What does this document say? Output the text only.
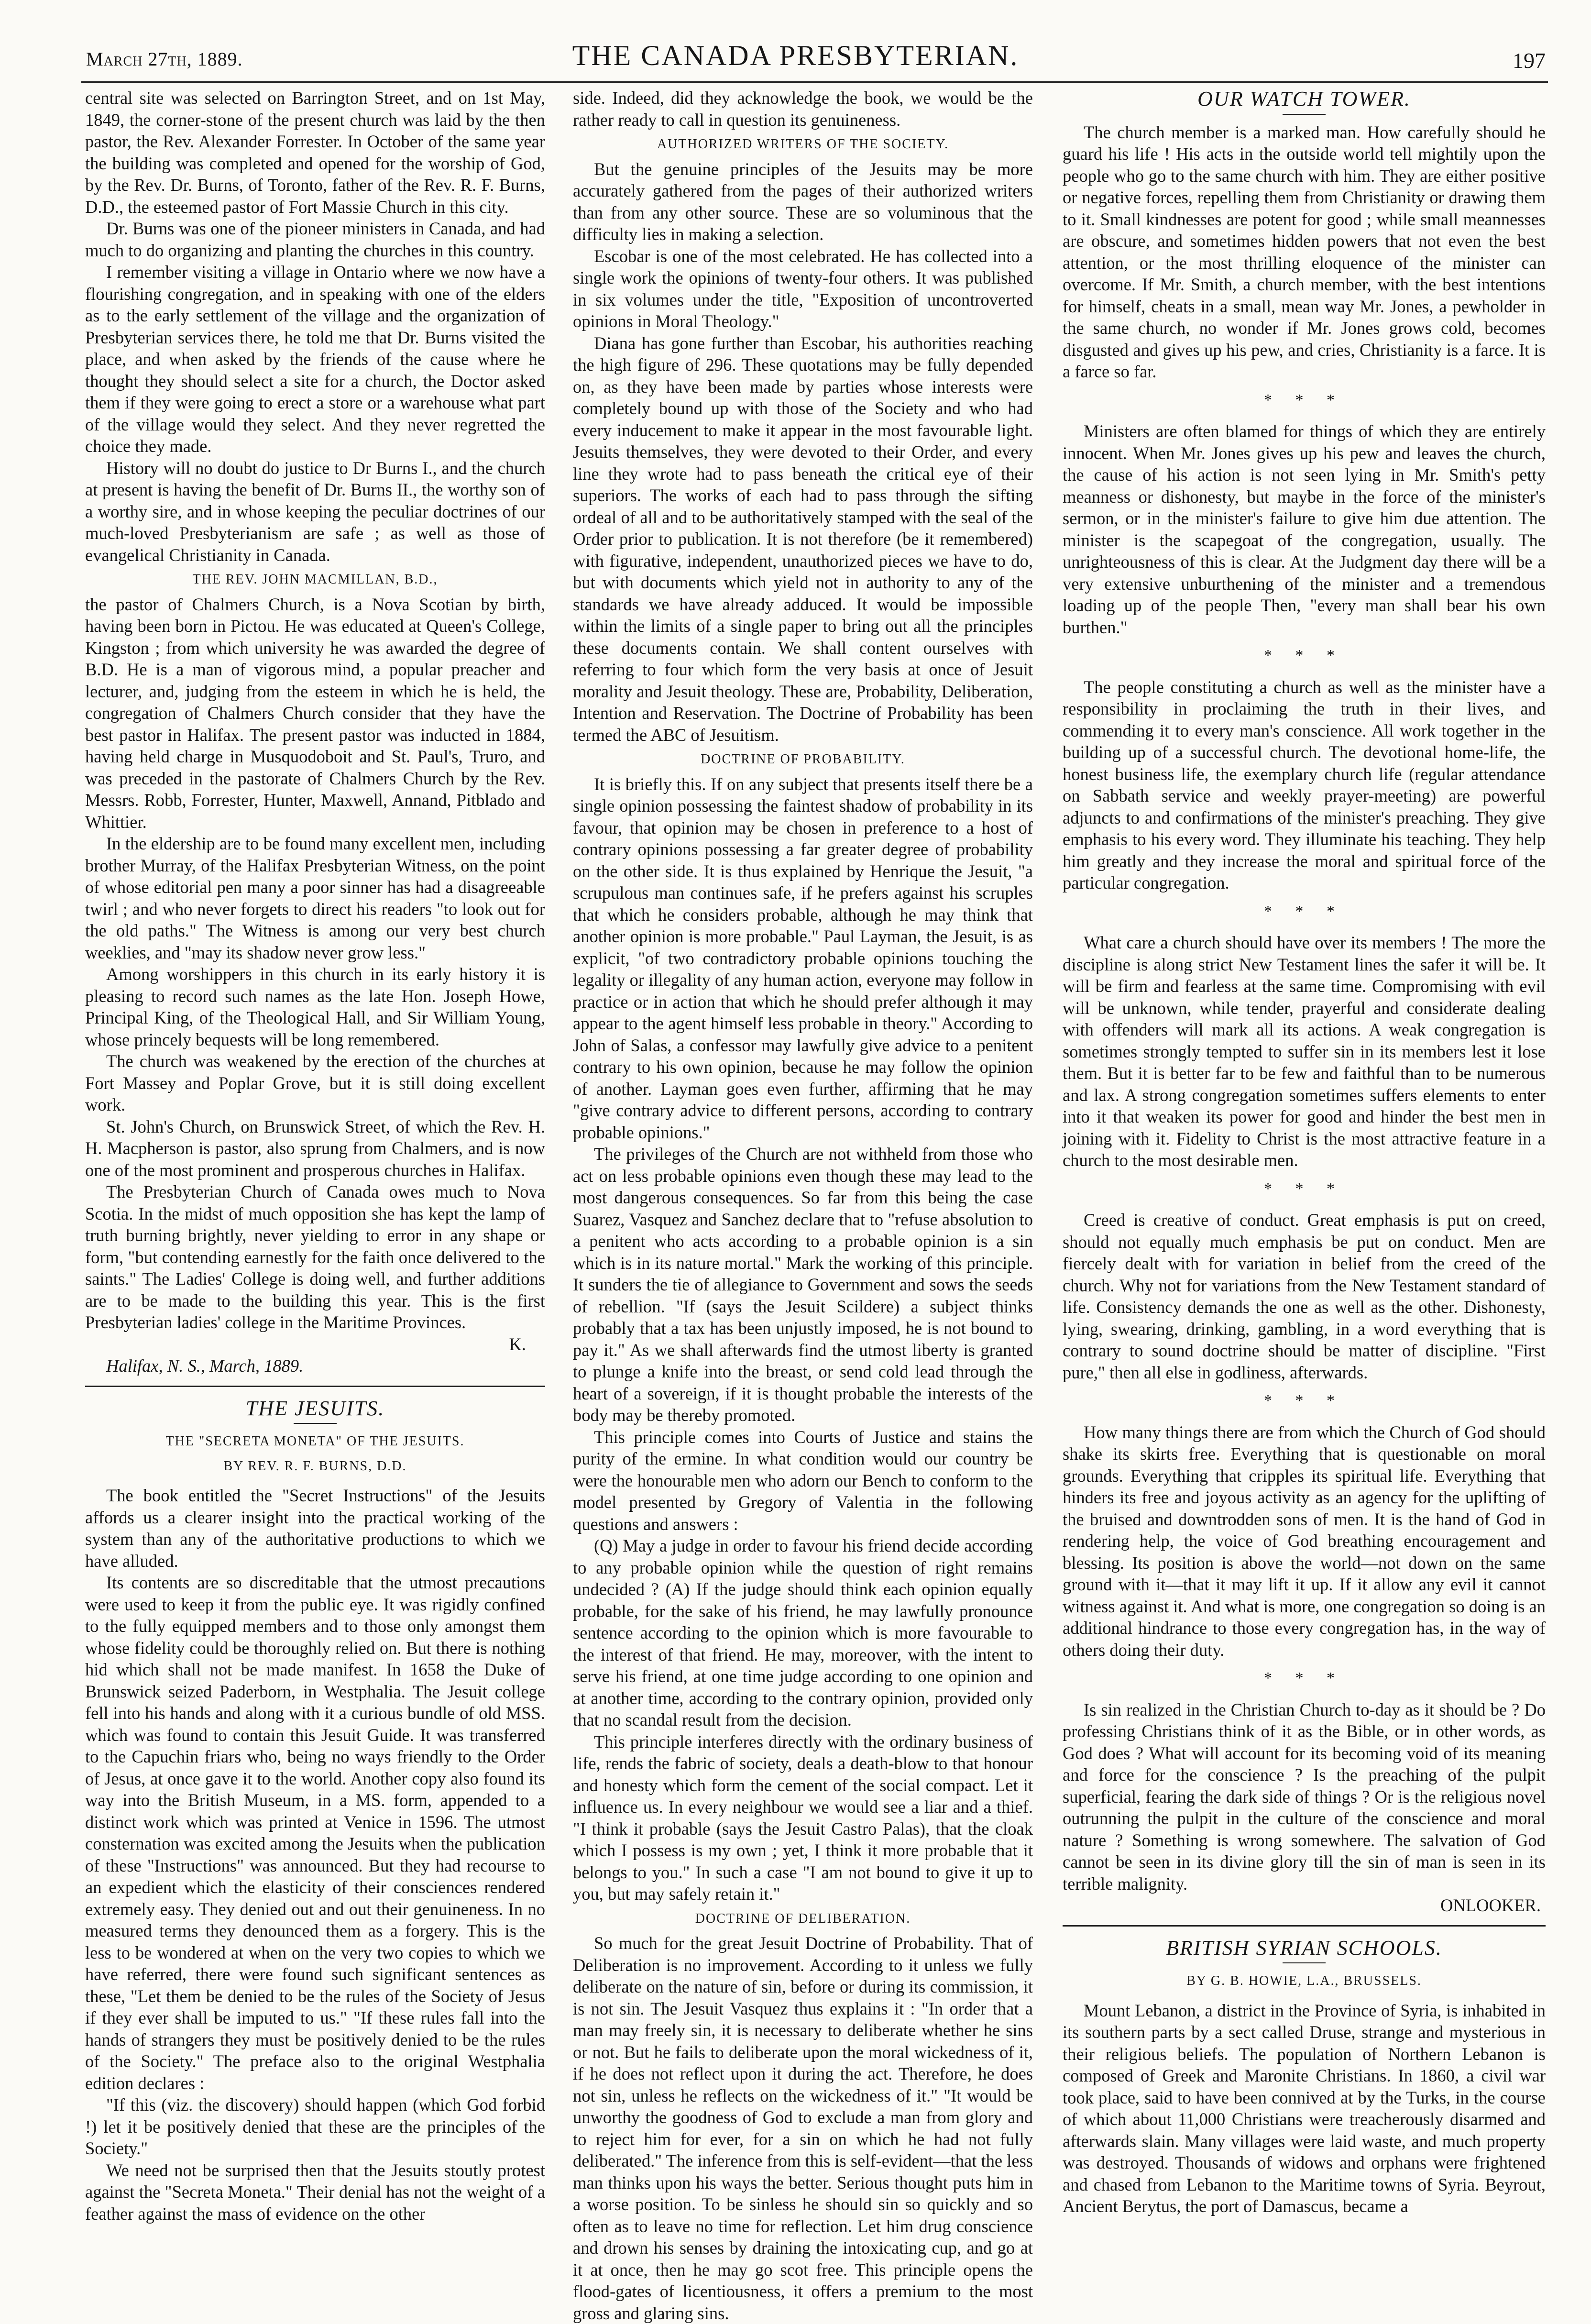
March 27th, 1889.	THE CANADA PRESBYTERIAN.	197

central site was selected on Barrington Street, and on 1st May, 1849, the corner-stone of the present church was laid by the then pastor, the Rev. Alexander Forrester. In October of the same year the building was completed and opened for the worship of God, by the Rev. Dr. Burns, of Toronto, father of the Rev. R. F. Burns, D.D., the esteemed pastor of Fort Massie Church in this city.

Dr. Burns was one of the pioneer ministers in Canada, and had much to do organizing and planting the churches in this country.

I remember visiting a village in Ontario where we now have a flourishing congregation, and in speaking with one of the elders as to the early settlement of the village and the organization of Presbyterian services there, he told me that Dr. Burns visited the place, and when asked by the friends of the cause where he thought they should select a site for a church, the Doctor asked them if they were going to erect a store or a warehouse what part of the village would they select. And they never regretted the choice they made.

History will no doubt do justice to Dr Burns I., and the church at present is having the benefit of Dr. Burns II., the worthy son of a worthy sire, and in whose keeping the peculiar doctrines of our much-loved Presbyterianism are safe ; as well as those of evangelical Christianity in Canada.

THE REV. JOHN MACMILLAN, B.D.,

the pastor of Chalmers Church, is a Nova Scotian by birth, having been born in Pictou. He was educated at Queen's College, Kingston ; from which university he was awarded the degree of B.D. He is a man of vigorous mind, a popular preacher and lecturer, and, judging from the esteem in which he is held, the congregation of Chalmers Church consider that they have the best pastor in Halifax. The present pastor was inducted in 1884, having held charge in Musquodoboit and St. Paul's, Truro, and was preceded in the pastorate of Chalmers Church by the Rev. Messrs. Robb, Forrester, Hunter, Maxwell, Annand, Pitblado and Whittier.

In the eldership are to be found many excellent men, including brother Murray, of the Halifax Presbyterian Witness, on the point of whose editorial pen many a poor sinner has had a disagreeable twirl ; and who never forgets to direct his readers "to look out for the old paths." The Witness is among our very best church weeklies, and "may its shadow never grow less."

Among worshippers in this church in its early history it is pleasing to record such names as the late Hon. Joseph Howe, Principal King, of the Theological Hall, and Sir William Young, whose princely bequests will be long remembered.

The church was weakened by the erection of the churches at Fort Massey and Poplar Grove, but it is still doing excellent work.

St. John's Church, on Brunswick Street, of which the Rev. H. H. Macpherson is pastor, also sprung from Chalmers, and is now one of the most prominent and prosperous churches in Halifax.

The Presbyterian Church of Canada owes much to Nova Scotia. In the midst of much opposition she has kept the lamp of truth burning brightly, never yielding to error in any shape or form, "but contending earnestly for the faith once delivered to the saints." The Ladies' College is doing well, and further additions are to be made to the building this year. This is the first Presbyterian ladies' college in the Maritime Provinces.

K.

Halifax, N. S., March, 1889.

THE JESUITS.
THE "SECRETA MONETA" OF THE JESUITS.
BY REV. R. F. BURNS, D.D.

The book entitled the "Secret Instructions" of the Jesuits affords us a clearer insight into the practical working of the system than any of the authoritative productions to which we have alluded.

Its contents are so discreditable that the utmost precautions were used to keep it from the public eye. It was rigidly confined to the fully equipped members and to those only amongst them whose fidelity could be thoroughly relied on. But there is nothing hid which shall not be made manifest. In 1658 the Duke of Brunswick seized Paderborn, in Westphalia. The Jesuit college fell into his hands and along with it a curious bundle of old MSS. which was found to contain this Jesuit Guide. It was transferred to the Capuchin friars who, being no ways friendly to the Order of Jesus, at once gave it to the world. Another copy also found its way into the British Museum, in a MS. form, appended to a distinct work which was printed at Venice in 1596. The utmost consternation was excited among the Jesuits when the publication of these "Instructions" was announced. But they had recourse to an expedient which the elasticity of their consciences rendered extremely easy. They denied out and out their genuineness. In no measured terms they denounced them as a forgery. This is the less to be wondered at when on the very two copies to which we have referred, there were found such significant sentences as these, "Let them be denied to be the rules of the Society of Jesus if they ever shall be imputed to us." "If these rules fall into the hands of strangers they must be positively denied to be the rules of the Society." The preface also to the original Westphalia edition declares :

"If this (viz. the discovery) should happen (which God forbid !) let it be positively denied that these are the principles of the Society."

We need not be surprised then that the Jesuits stoutly protest against the "Secreta Moneta." Their denial has not the weight of a feather against the mass of evidence on the other

side. Indeed, did they acknowledge the book, we would be the rather ready to call in question its genuineness.

AUTHORIZED WRITERS OF THE SOCIETY.

But the genuine principles of the Jesuits may be more accurately gathered from the pages of their authorized writers than from any other source. These are so voluminous that the difficulty lies in making a selection.

Escobar is one of the most celebrated. He has collected into a single work the opinions of twenty-four others. It was published in six volumes under the title, "Exposition of uncontroverted opinions in Moral Theology."

Diana has gone further than Escobar, his authorities reaching the high figure of 296. These quotations may be fully depended on, as they have been made by parties whose interests were completely bound up with those of the Society and who had every inducement to make it appear in the most favourable light. Jesuits themselves, they were devoted to their Order, and every line they wrote had to pass beneath the critical eye of their superiors. The works of each had to pass through the sifting ordeal of all and to be authoritatively stamped with the seal of the Order prior to publication. It is not therefore (be it remembered) with figurative, independent, unauthorized pieces we have to do, but with documents which yield not in authority to any of the standards we have already adduced. It would be impossible within the limits of a single paper to bring out all the principles these documents contain. We shall content ourselves with referring to four which form the very basis at once of Jesuit morality and Jesuit theology. These are, Probability, Deliberation, Intention and Reservation. The Doctrine of Probability has been termed the ABC of Jesuitism.

DOCTRINE OF PROBABILITY.

It is briefly this. If on any subject that presents itself there be a single opinion possessing the faintest shadow of probability in its favour, that opinion may be chosen in preference to a host of contrary opinions possessing a far greater degree of probability on the other side. It is thus explained by Henrique the Jesuit, "a scrupulous man continues safe, if he prefers against his scruples that which he considers probable, although he may think that another opinion is more probable." Paul Layman, the Jesuit, is as explicit, "of two contradictory probable opinions touching the legality or illegality of any human action, everyone may follow in practice or in action that which he should prefer although it may appear to the agent himself less probable in theory." According to John of Salas, a confessor may lawfully give advice to a penitent contrary to his own opinion, because he may follow the opinion of another. Layman goes even further, affirming that he may "give contrary advice to different persons, according to contrary probable opinions."

The privileges of the Church are not withheld from those who act on less probable opinions even though these may lead to the most dangerous consequences. So far from this being the case Suarez, Vasquez and Sanchez declare that to "refuse absolution to a penitent who acts according to a probable opinion is a sin which is in its nature mortal." Mark the working of this principle. It sunders the tie of allegiance to Government and sows the seeds of rebellion. "If (says the Jesuit Scildere) a subject thinks probably that a tax has been unjustly imposed, he is not bound to pay it." As we shall afterwards find the utmost liberty is granted to plunge a knife into the breast, or send cold lead through the heart of a sovereign, if it is thought probable the interests of the body may be thereby promoted.

This principle comes into Courts of Justice and stains the purity of the ermine. In what condition would our country be were the honourable men who adorn our Bench to conform to the model presented by Gregory of Valentia in the following questions and answers :

(Q) May a judge in order to favour his friend decide according to any probable opinion while the question of right remains undecided ? (A) If the judge should think each opinion equally probable, for the sake of his friend, he may lawfully pronounce sentence according to the opinion which is more favourable to the interest of that friend. He may, moreover, with the intent to serve his friend, at one time judge according to one opinion and at another time, according to the contrary opinion, provided only that no scandal result from the decision.

This principle interferes directly with the ordinary business of life, rends the fabric of society, deals a death-blow to that honour and honesty which form the cement of the social compact. Let it influence us. In every neighbour we would see a liar and a thief. "I think it probable (says the Jesuit Castro Palas), that the cloak which I possess is my own ; yet, I think it more probable that it belongs to you." In such a case "I am not bound to give it up to you, but may safely retain it."

DOCTRINE OF DELIBERATION.

So much for the great Jesuit Doctrine of Probability. That of Deliberation is no improvement. According to it unless we fully deliberate on the nature of sin, before or during its commission, it is not sin. The Jesuit Vasquez thus explains it : "In order that a man may freely sin, it is necessary to deliberate whether he sins or not. But he fails to deliberate upon the moral wickedness of it, if he does not reflect upon it during the act. Therefore, he does not sin, unless he reflects on the wickedness of it." "It would be unworthy the goodness of God to exclude a man from glory and to reject him for ever, for a sin on which he had not fully deliberated." The inference from this is self-evident—that the less man thinks upon his ways the better. Serious thought puts him in a worse position. To be sinless he should sin so quickly and so often as to leave no time for reflection. Let him drug conscience and drown his senses by draining the intoxicating cup, and go at it at once, then he may go scot free. This principle opens the flood-gates of licentiousness, it offers a premium to the most gross and glaring sins.

OUR WATCH TOWER.

The church member is a marked man. How carefully should he guard his life ! His acts in the outside world tell mightily upon the people who go to the same church with him. They are either positive or negative forces, repelling them from Christianity or drawing them to it. Small kindnesses are potent for good ; while small meannesses are obscure, and sometimes hidden powers that not even the best attention, or the most thrilling eloquence of the minister can overcome. If Mr. Smith, a church member, with the best intentions for himself, cheats in a small, mean way Mr. Jones, a pewholder in the same church, no wonder if Mr. Jones grows cold, becomes disgusted and gives up his pew, and cries, Christianity is a farce. It is a farce so far.

* * *

Ministers are often blamed for things of which they are entirely innocent. When Mr. Jones gives up his pew and leaves the church, the cause of his action is not seen lying in Mr. Smith's petty meanness or dishonesty, but maybe in the force of the minister's sermon, or in the minister's failure to give him due attention. The minister is the scapegoat of the congregation, usually. The unrighteousness of this is clear. At the Judgment day there will be a very extensive unburthening of the minister and a tremendous loading up of the people Then, "every man shall bear his own burthen."

* * *

The people constituting a church as well as the minister have a responsibility in proclaiming the truth in their lives, and commending it to every man's conscience. All work together in the building up of a successful church. The devotional home-life, the honest business life, the exemplary church life (regular attendance on Sabbath service and weekly prayer-meeting) are powerful adjuncts to and confirmations of the minister's preaching. They give emphasis to his every word. They illuminate his teaching. They help him greatly and they increase the moral and spiritual force of the particular congregation.

* * *

What care a church should have over its members ! The more the discipline is along strict New Testament lines the safer it will be. It will be firm and fearless at the same time. Compromising with evil will be unknown, while tender, prayerful and considerate dealing with offenders will mark all its actions. A weak congregation is sometimes strongly tempted to suffer sin in its members lest it lose them. But it is better far to be few and faithful than to be numerous and lax. A strong congregation sometimes suffers elements to enter into it that weaken its power for good and hinder the best men in joining with it. Fidelity to Christ is the most attractive feature in a church to the most desirable men.

* * *

Creed is creative of conduct. Great emphasis is put on creed, should not equally much emphasis be put on conduct. Men are fiercely dealt with for variation in belief from the creed of the church. Why not for variations from the New Testament standard of life. Consistency demands the one as well as the other. Dishonesty, lying, swearing, drinking, gambling, in a word everything that is contrary to sound doctrine should be matter of discipline. "First pure," then all else in godliness, afterwards.

* * *

How many things there are from which the Church of God should shake its skirts free. Everything that is questionable on moral grounds. Everything that cripples its spiritual life. Everything that hinders its free and joyous activity as an agency for the uplifting of the bruised and downtrodden sons of men. It is the hand of God in rendering help, the voice of God breathing encouragement and blessing. Its position is above the world—not down on the same ground with it—that it may lift it up. If it allow any evil it cannot witness against it. And what is more, one congregation so doing is an additional hindrance to those every congregation has, in the way of others doing their duty.

* * *

Is sin realized in the Christian Church to-day as it should be ? Do professing Christians think of it as the Bible, or in other words, as God does ? What will account for its becoming void of its meaning and force for the conscience ? Is the preaching of the pulpit superficial, fearing the dark side of things ? Or is the religious novel outrunning the pulpit in the culture of the conscience and moral nature ? Something is wrong somewhere. The salvation of God cannot be seen in its divine glory till the sin of man is seen in its terrible malignity.

ONLOOKER.
BRITISH SYRIAN SCHOOLS.
BY G. B. HOWIE, L.A., BRUSSELS.

Mount Lebanon, a district in the Province of Syria, is inhabited in its southern parts by a sect called Druse, strange and mysterious in their religious beliefs. The population of Northern Lebanon is composed of Greek and Maronite Christians. In 1860, a civil war took place, said to have been connived at by the Turks, in the course of which about 11,000 Christians were treacherously disarmed and afterwards slain. Many villages were laid waste, and much property was destroyed. Thousands of widows and orphans were frightened and chased from Lebanon to the Maritime towns of Syria. Beyrout, Ancient Berytus, the port of Damascus, became a
